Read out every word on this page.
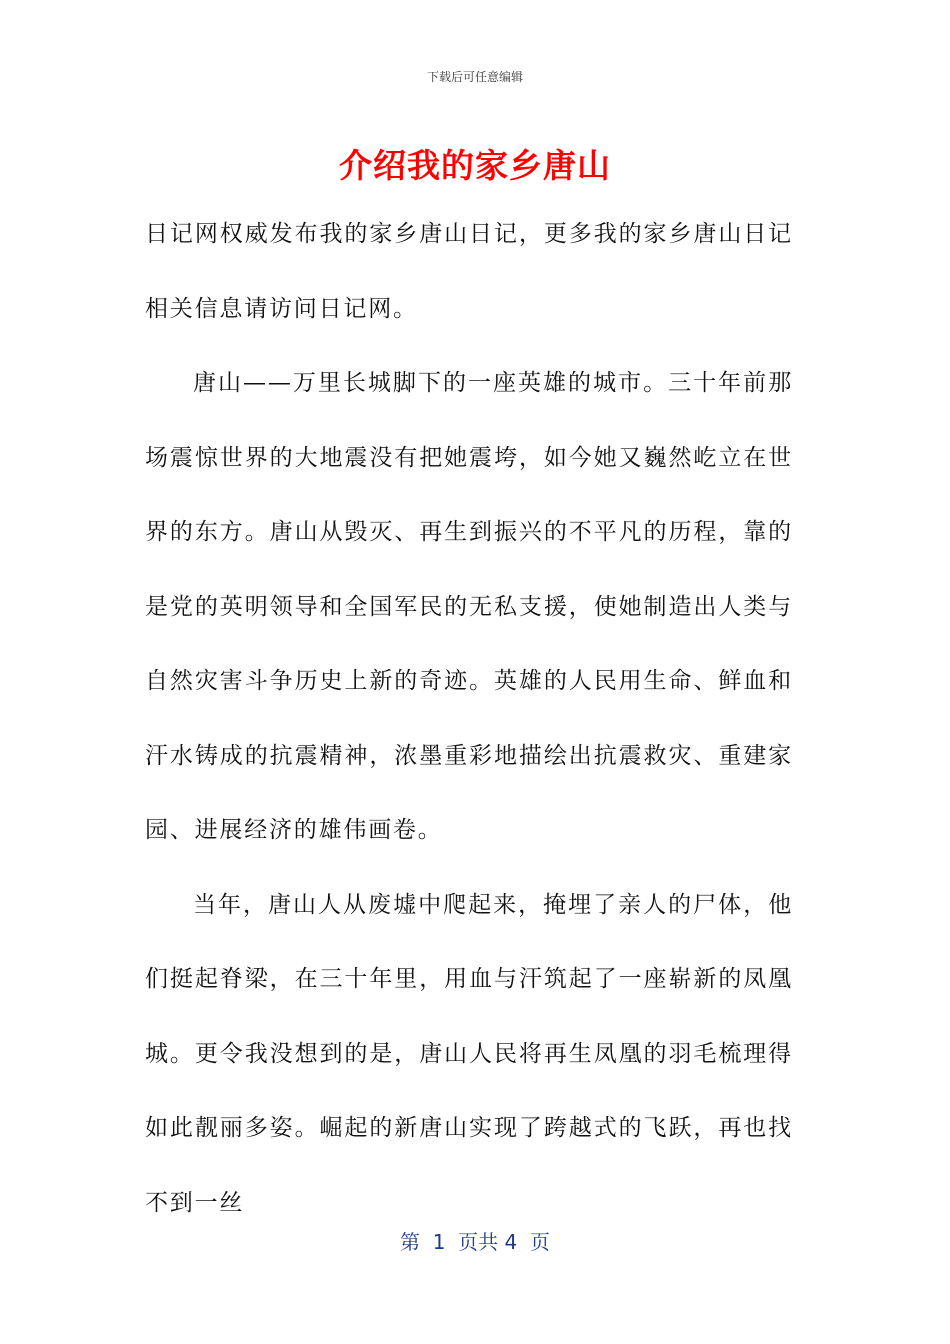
下载后可任意编辑
介绍我的家乡唐山

日记网权威发布我的家乡唐山日记，更多我的家乡唐山日记相关信息请访问日记网。

唐山——万里长城脚下的一座英雄的城市。三十年前那场震惊世界的大地震没有把她震垮，如今她又巍然屹立在世界的东方。唐山从毁灭、再生到振兴的不平凡的历程，靠的是党的英明领导和全国军民的无私支援，使她制造出人类与自然灾害斗争历史上新的奇迹。英雄的人民用生命、鲜血和汗水铸成的抗震精神，浓墨重彩地描绘出抗震救灾、重建家园、进展经济的雄伟画卷。

当年，唐山人从废墟中爬起来，掩埋了亲人的尸体，他们挺起脊梁，在三十年里，用血与汗筑起了一座崭新的凤凰城。更令我没想到的是，唐山人民将再生凤凰的羽毛梳理得如此靓丽多姿。崛起的新唐山实现了跨越式的飞跃，再也找不到一丝

第  1  页共 4  页
